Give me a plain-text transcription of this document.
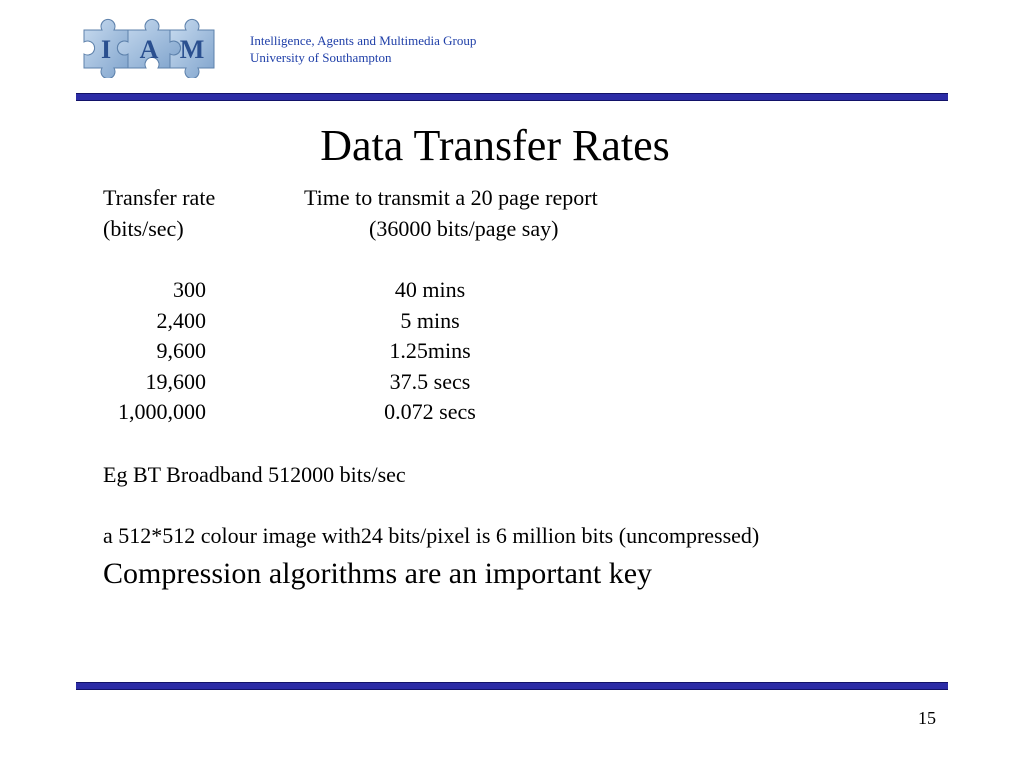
I A M	Intelligence, Agents and Multimedia Group
University of Southampton
Data Transfer Rates
Transfer rate
(bits/sec)
Time to transmit a 20 page report
(36000 bits/page say)
300	40 mins
2,400	5 mins
9,600	1.25mins
19,600	37.5 secs
1,000,000	0.072 secs
Eg BT Broadband 512000 bits/sec
a 512*512 colour image with24 bits/pixel is 6 million bits (uncompressed)
Compression algorithms are an important key
15
